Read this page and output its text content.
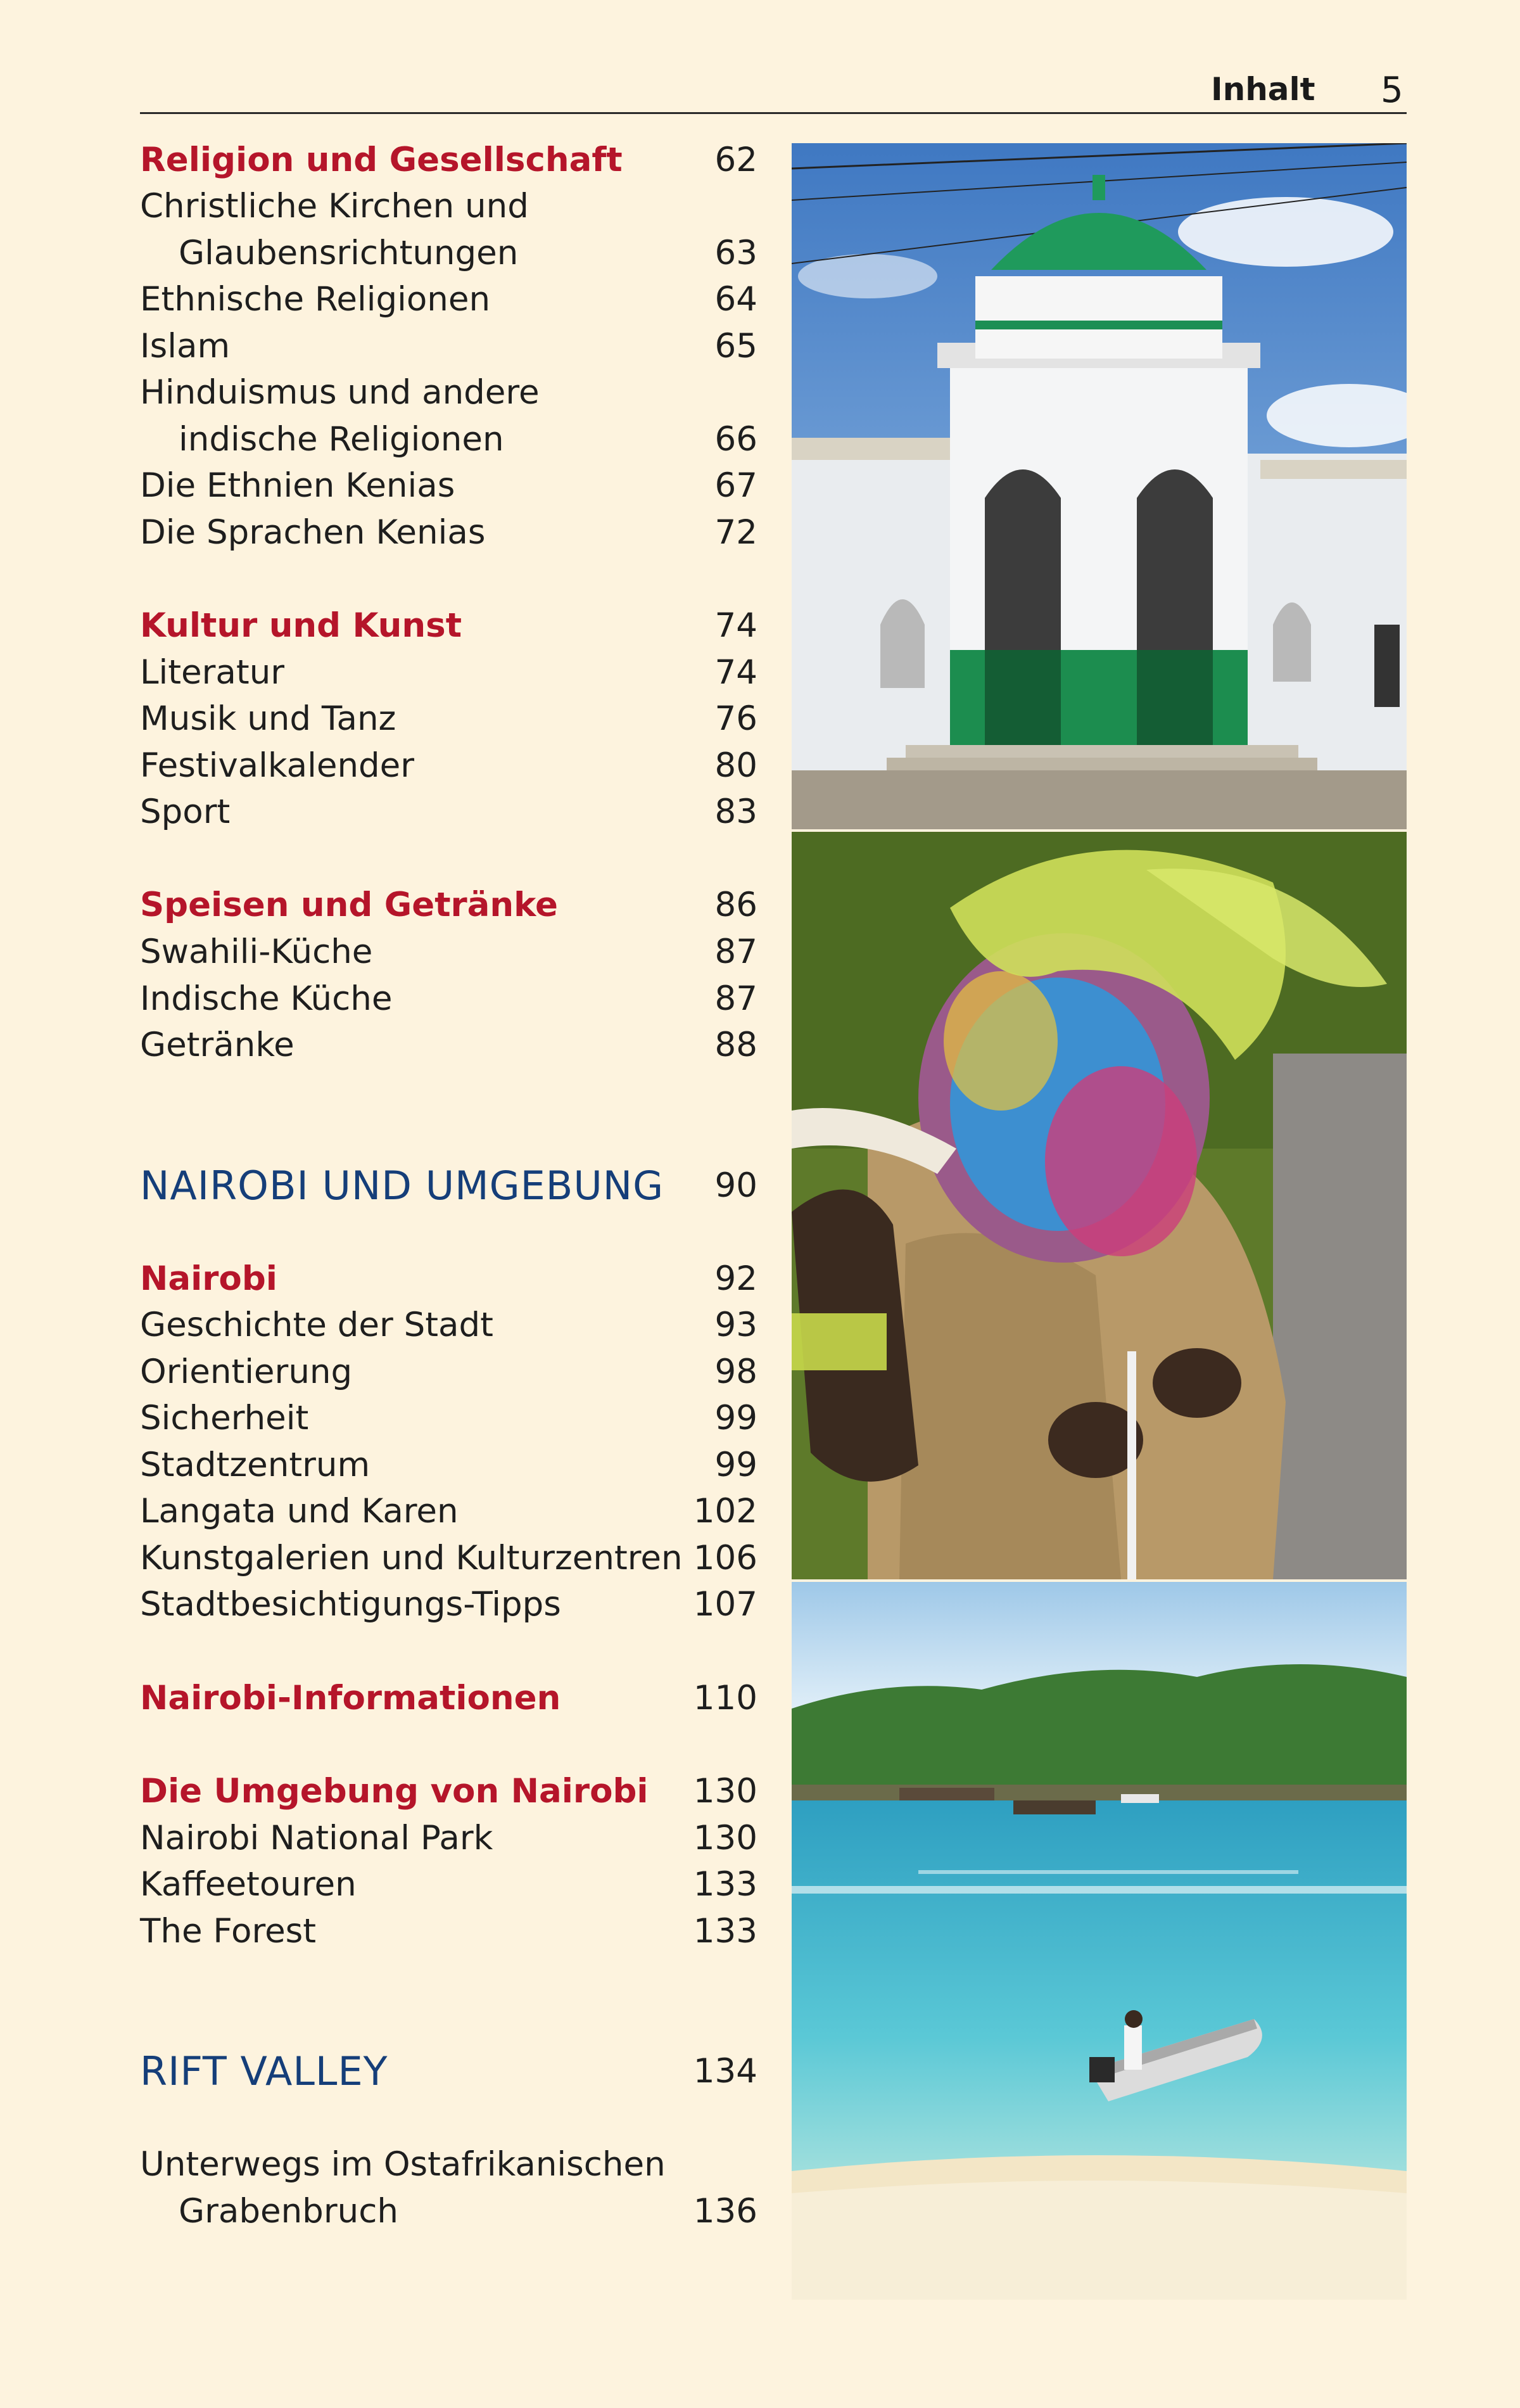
Inhalt 5
Religion und Gesellschaft	62
Christliche Kirchen und
Glaubensrichtungen	63
Ethnische Religionen	64
Islam	65
Hinduismus und andere
indische Religionen	66
Die Ethnien Kenias	67
Die Sprachen Kenias	72
Kultur und Kunst	74
Literatur	74
Musik und Tanz	76
Festivalkalender	80
Sport	83
Speisen und Getränke	86
Swahili-Küche	87
Indische Küche	87
Getränke	88
NAIROBI UND UMGEBUNG 90
Nairobi	92
Geschichte der Stadt	93
Orientierung	98
Sicherheit	99
Stadtzentrum	99
Langata und Karen	102
Kunstgalerien und Kulturzentren 106
Stadtbesichtigungs-Tipps	107
Nairobi-Informationen	110
Die Umgebung von Nairobi 130
Nairobi National Park	130
Kaffeetouren	133
The Forest	133
RIFT VALLEY	134
Unterwegs im Ostafrikanischen
Grabenbruch	136
